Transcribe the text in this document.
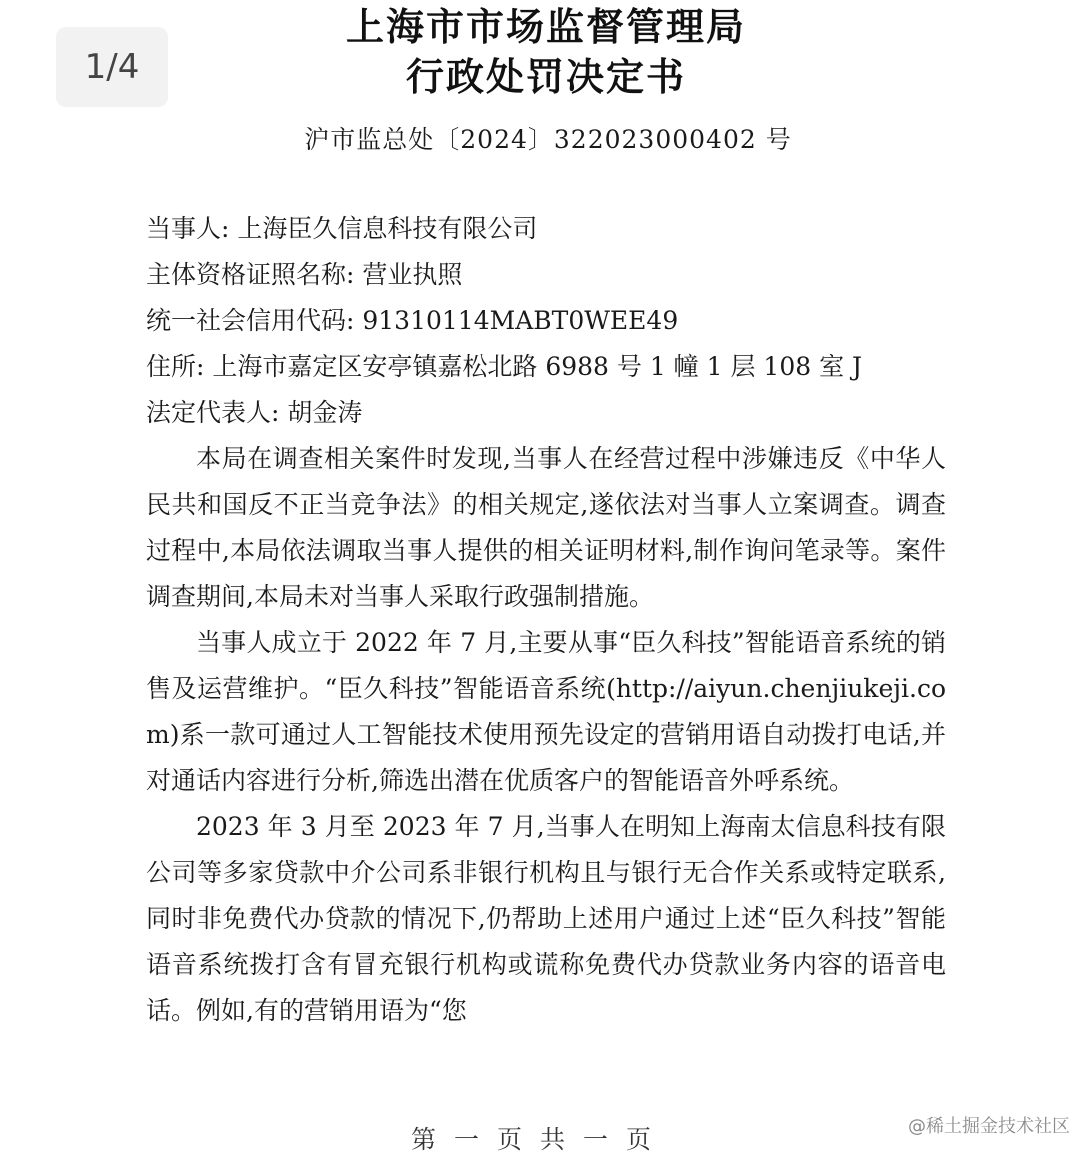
1/4
上海市市场监督管理局
行政处罚决定书
沪市监总处〔2024〕322023000402 号
当事人: 上海臣久信息科技有限公司
主体资格证照名称: 营业执照
统一社会信用代码: 91310114MABT0WEE49
住所: 上海市嘉定区安亭镇嘉松北路 6988 号 1 幢 1 层 108 室 J
法定代表人: 胡金涛

本局在调查相关案件时发现,当事人在经营过程中涉嫌违反《中华人民共和国反不正当竞争法》的相关规定,遂依法对当事人立案调查。调查过程中,本局依法调取当事人提供的相关证明材料,制作询问笔录等。案件调查期间,本局未对当事人采取行政强制措施。

当事人成立于 2022 年 7 月,主要从事“臣久科技”智能语音系统的销售及运营维护。“臣久科技”智能语音系统(http://aiyun.chenjiukeji.com)系一款可通过人工智能技术使用预先设定的营销用语自动拨打电话,并对通话内容进行分析,筛选出潜在优质客户的智能语音外呼系统。

2023 年 3 月至 2023 年 7 月,当事人在明知上海南太信息科技有限公司等多家贷款中介公司系非银行机构且与银行无合作关系或特定联系,同时非免费代办贷款的情况下,仍帮助上述用户通过上述“臣久科技”智能语音系统拨打含有冒充银行机构或谎称免费代办贷款业务内容的语音电话。例如,有的营销用语为“您

第一页共一页	@稀土掘金技术社区
